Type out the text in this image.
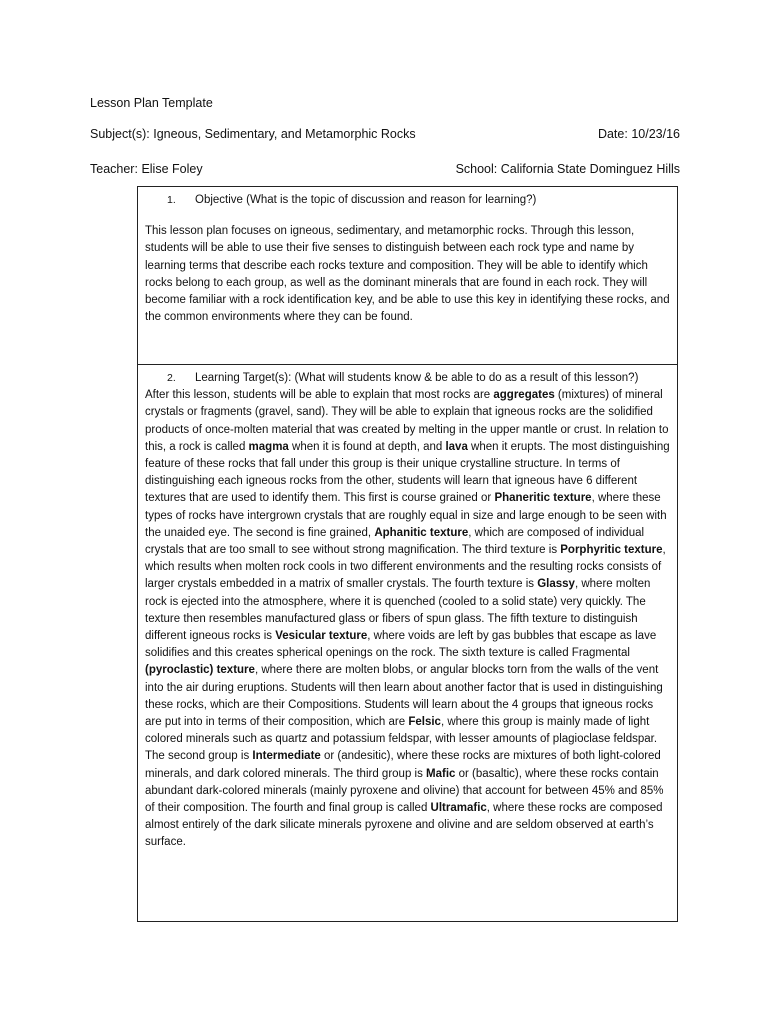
Lesson Plan Template
Subject(s): Igneous, Sedimentary, and Metamorphic Rocks	Date: 10/23/16
Teacher: Elise Foley	School: California State Dominguez Hills
1.	Objective (What is the topic of discussion and reason for learning?)

This lesson plan focuses on igneous, sedimentary, and metamorphic rocks. Through this lesson, students will be able to use their five senses to distinguish between each rock type and name by learning terms that describe each rocks texture and composition. They will be able to identify which rocks belong to each group, as well as the dominant minerals that are found in each rock. They will become familiar with a rock identification key, and be able to use this key in identifying these rocks, and the common environments where they can be found.

2.	Learning Target(s): (What will students know & be able to do as a result of this lesson?)

After this lesson, students will be able to explain that most rocks are aggregates (mixtures) of mineral crystals or fragments (gravel, sand). They will be able to explain that igneous rocks are the solidified products of once-molten material that was created by melting in the upper mantle or crust. In relation to this, a rock is called magma when it is found at depth, and lava when it erupts. The most distinguishing feature of these rocks that fall under this group is their unique crystalline structure. In terms of distinguishing each igneous rocks from the other, students will learn that igneous have 6 different textures that are used to identify them. This first is course grained or Phaneritic texture, where these types of rocks have intergrown crystals that are roughly equal in size and large enough to be seen with the unaided eye. The second is fine grained, Aphanitic texture, which are composed of individual crystals that are too small to see without strong magnification. The third texture is Porphyritic texture, which results when molten rock cools in two different environments and the resulting rocks consists of larger crystals embedded in a matrix of smaller crystals. The fourth texture is Glassy, where molten rock is ejected into the atmosphere, where it is quenched (cooled to a solid state) very quickly. The texture then resembles manufactured glass or fibers of spun glass. The fifth texture to distinguish different igneous rocks is Vesicular texture, where voids are left by gas bubbles that escape as lave solidifies and this creates spherical openings on the rock. The sixth texture is called Fragmental (pyroclastic) texture, where there are molten blobs, or angular blocks torn from the walls of the vent into the air during eruptions. Students will then learn about another factor that is used in distinguishing these rocks, which are their Compositions. Students will learn about the 4 groups that igneous rocks are put into in terms of their composition, which are Felsic, where this group is mainly made of light colored minerals such as quartz and potassium feldspar, with lesser amounts of plagioclase feldspar. The second group is Intermediate or (andesitic), where these rocks are mixtures of both light-colored minerals, and dark colored minerals. The third group is Mafic or (basaltic), where these rocks contain abundant dark-colored minerals (mainly pyroxene and olivine) that account for between 45% and 85% of their composition. The fourth and final group is called Ultramafic, where these rocks are composed almost entirely of the dark silicate minerals pyroxene and olivine and are seldom observed at earth’s surface.
